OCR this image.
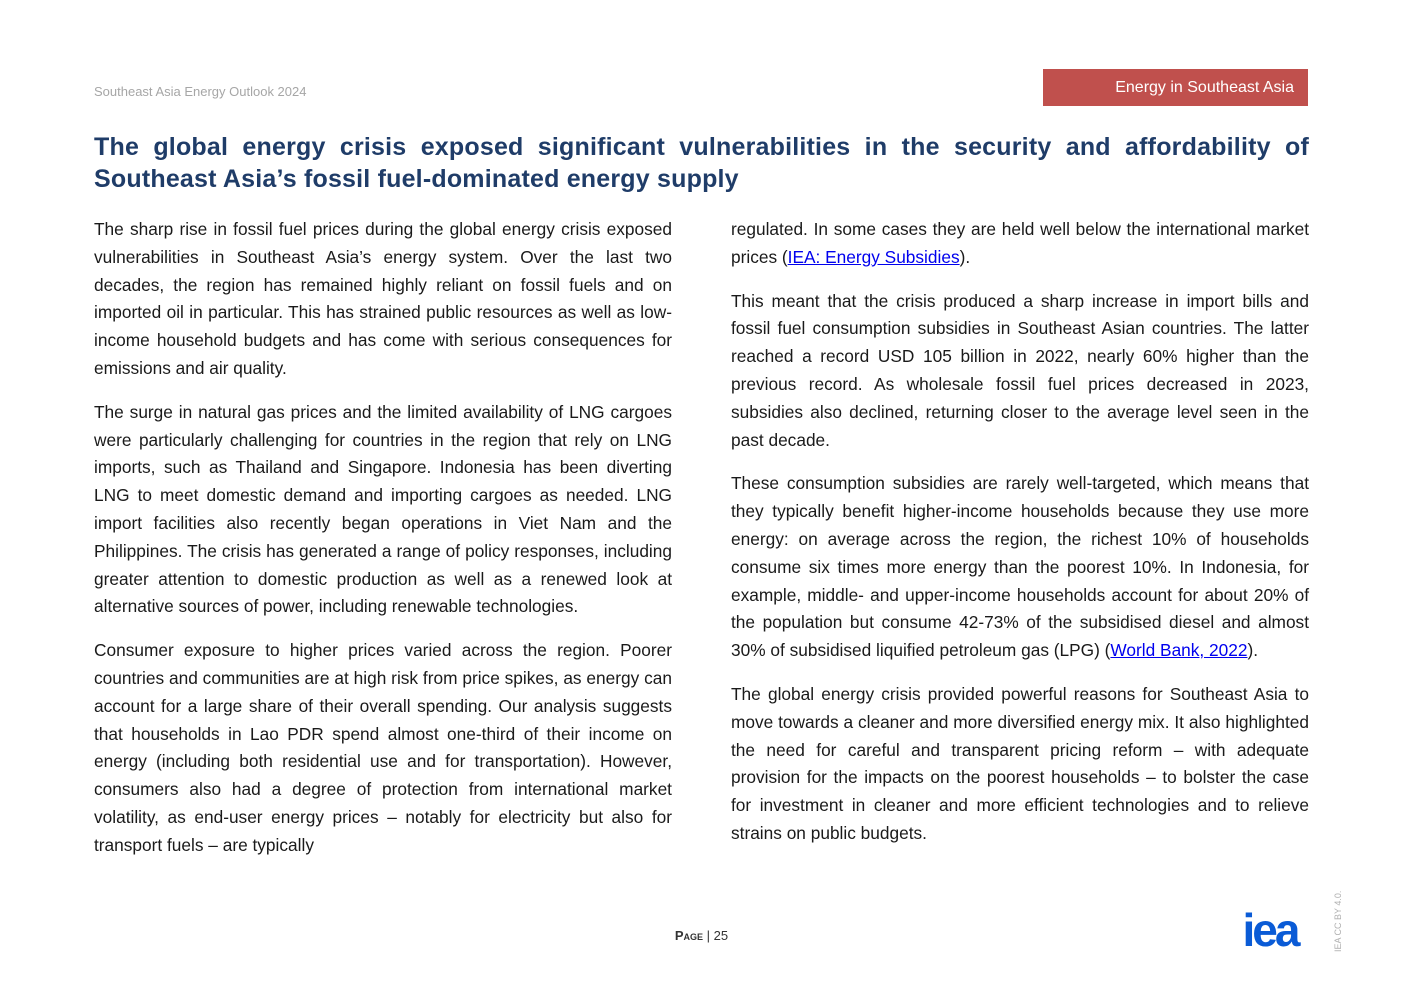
Southeast Asia Energy Outlook 2024	Energy in Southeast Asia
The global energy crisis exposed significant vulnerabilities in the security and affordability of Southeast Asia’s fossil fuel-dominated energy supply

The sharp rise in fossil fuel prices during the global energy crisis exposed vulnerabilities in Southeast Asia’s energy system. Over the last two decades, the region has remained highly reliant on fossil fuels and on imported oil in particular. This has strained public resources as well as low-income household budgets and has come with serious consequences for emissions and air quality.

The surge in natural gas prices and the limited availability of LNG cargoes were particularly challenging for countries in the region that rely on LNG imports, such as Thailand and Singapore. Indonesia has been diverting LNG to meet domestic demand and importing cargoes as needed. LNG import facilities also recently began operations in Viet Nam and the Philippines. The crisis has generated a range of policy responses, including greater attention to domestic production as well as a renewed look at alternative sources of power, including renewable technologies.

Consumer exposure to higher prices varied across the region. Poorer countries and communities are at high risk from price spikes, as energy can account for a large share of their overall spending. Our analysis suggests that households in Lao PDR spend almost one-third of their income on energy (including both residential use and for transportation). However, consumers also had a degree of protection from international market volatility, as end-user energy prices – notably for electricity but also for transport fuels – are typically

regulated. In some cases they are held well below the international market prices (IEA: Energy Subsidies).

This meant that the crisis produced a sharp increase in import bills and fossil fuel consumption subsidies in Southeast Asian countries. The latter reached a record USD 105 billion in 2022, nearly 60% higher than the previous record. As wholesale fossil fuel prices decreased in 2023, subsidies also declined, returning closer to the average level seen in the past decade.

These consumption subsidies are rarely well-targeted, which means that they typically benefit higher-income households because they use more energy: on average across the region, the richest 10% of households consume six times more energy than the poorest 10%. In Indonesia, for example, middle- and upper-income households account for about 20% of the population but consume 42-73% of the subsidised diesel and almost 30% of subsidised liquified petroleum gas (LPG) (World Bank, 2022).

The global energy crisis provided powerful reasons for Southeast Asia to move towards a cleaner and more diversified energy mix. It also highlighted the need for careful and transparent pricing reform – with adequate provision for the impacts on the poorest households – to bolster the case for investment in cleaner and more efficient technologies and to relieve strains on public budgets.

Page | 25	iea	IEA CC BY 4.0.
